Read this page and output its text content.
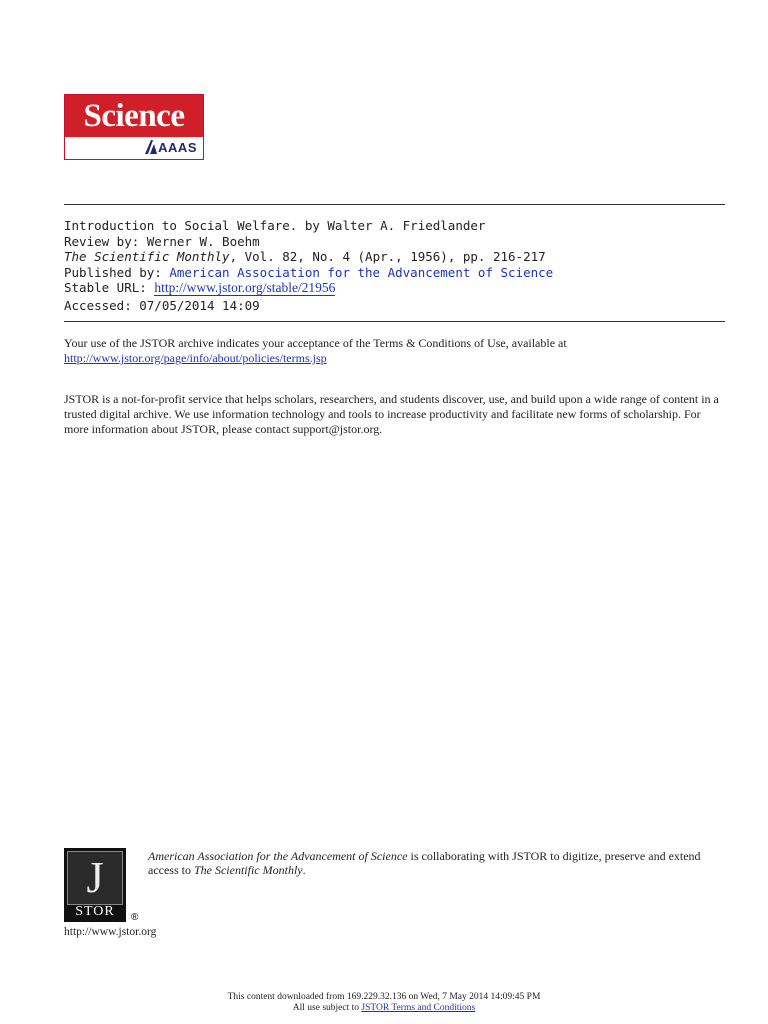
Science
AAAS
Introduction to Social Welfare. by Walter A. Friedlander
Review by: Werner W. Boehm
The Scientific Monthly, Vol. 82, No. 4 (Apr., 1956), pp. 216-217
Published by: American Association for the Advancement of Science
Stable URL: http://www.jstor.org/stable/21956
Accessed: 07/05/2014 14:09
Your use of the JSTOR archive indicates your acceptance of the Terms & Conditions of Use, available at
http://www.jstor.org/page/info/about/policies/terms.jsp
JSTOR is a not-for-profit service that helps scholars, researchers, and students discover, use, and build upon a wide range of content in a trusted digital archive. We use information technology and tools to increase productivity and facilitate new forms of scholarship. For more information about JSTOR, please contact support@jstor.org.
J
STOR	®
American Association for the Advancement of Science is collaborating with JSTOR to digitize, preserve and extend access to The Scientific Monthly.
http://www.jstor.org
This content downloaded from 169.229.32.136 on Wed, 7 May 2014 14:09:45 PM
All use subject to JSTOR Terms and Conditions
